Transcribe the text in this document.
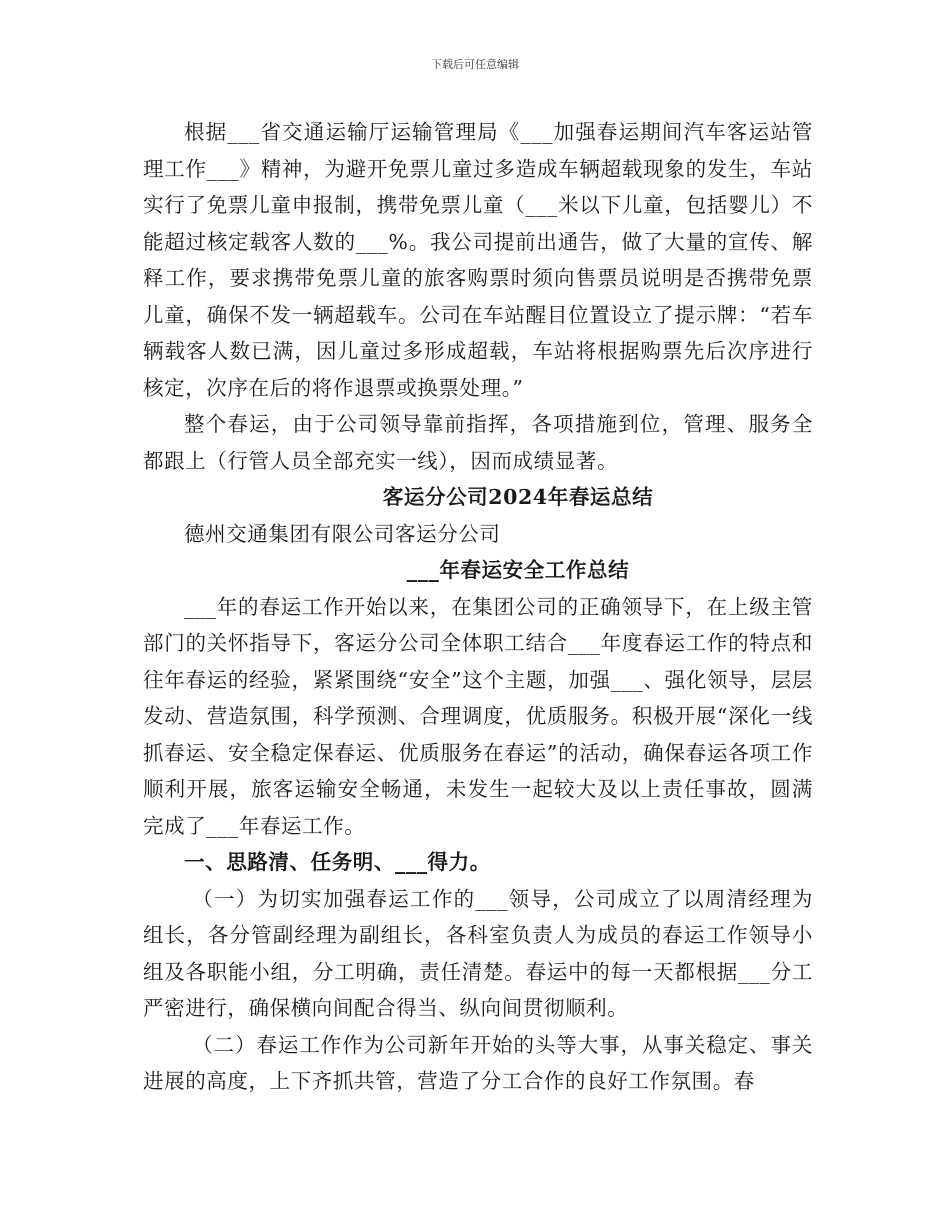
下载后可任意编辑

根据___省交通运输厅运输管理局《___加强春运期间汽车客运站管理工作___》精神，为避开免票儿童过多造成车辆超载现象的发生，车站实行了免票儿童申报制，携带免票儿童（___米以下儿童，包括婴儿）不能超过核定载客人数的___%。我公司提前出通告，做了大量的宣传、解释工作，要求携带免票儿童的旅客购票时须向售票员说明是否携带免票儿童，确保不发一辆超载车。公司在车站醒目位置设立了提示牌：“若车辆载客人数已满，因儿童过多形成超载，车站将根据购票先后次序进行核定，次序在后的将作退票或换票处理。”

整个春运，由于公司领导靠前指挥，各项措施到位，管理、服务全都跟上（行管人员全部充实一线），因而成绩显著。

客运分公司2024年春运总结

德州交通集团有限公司客运分公司

___年春运安全工作总结

___年的春运工作开始以来，在集团公司的正确领导下，在上级主管部门的关怀指导下，客运分公司全体职工结合___年度春运工作的特点和往年春运的经验，紧紧围绕“安全”这个主题，加强___、强化领导，层层发动、营造氛围，科学预测、合理调度，优质服务。积极开展“深化一线抓春运、安全稳定保春运、优质服务在春运”的活动，确保春运各项工作顺利开展，旅客运输安全畅通，未发生一起较大及以上责任事故，圆满完成了___年春运工作。

一、思路清、任务明、___得力。

（一）为切实加强春运工作的___领导，公司成立了以周清经理为组长，各分管副经理为副组长，各科室负责人为成员的春运工作领导小组及各职能小组，分工明确，责任清楚。春运中的每一天都根据___分工严密进行，确保横向间配合得当、纵向间贯彻顺利。

（二）春运工作作为公司新年开始的头等大事，从事关稳定、事关进展的高度，上下齐抓共管，营造了分工合作的良好工作氛围。春
